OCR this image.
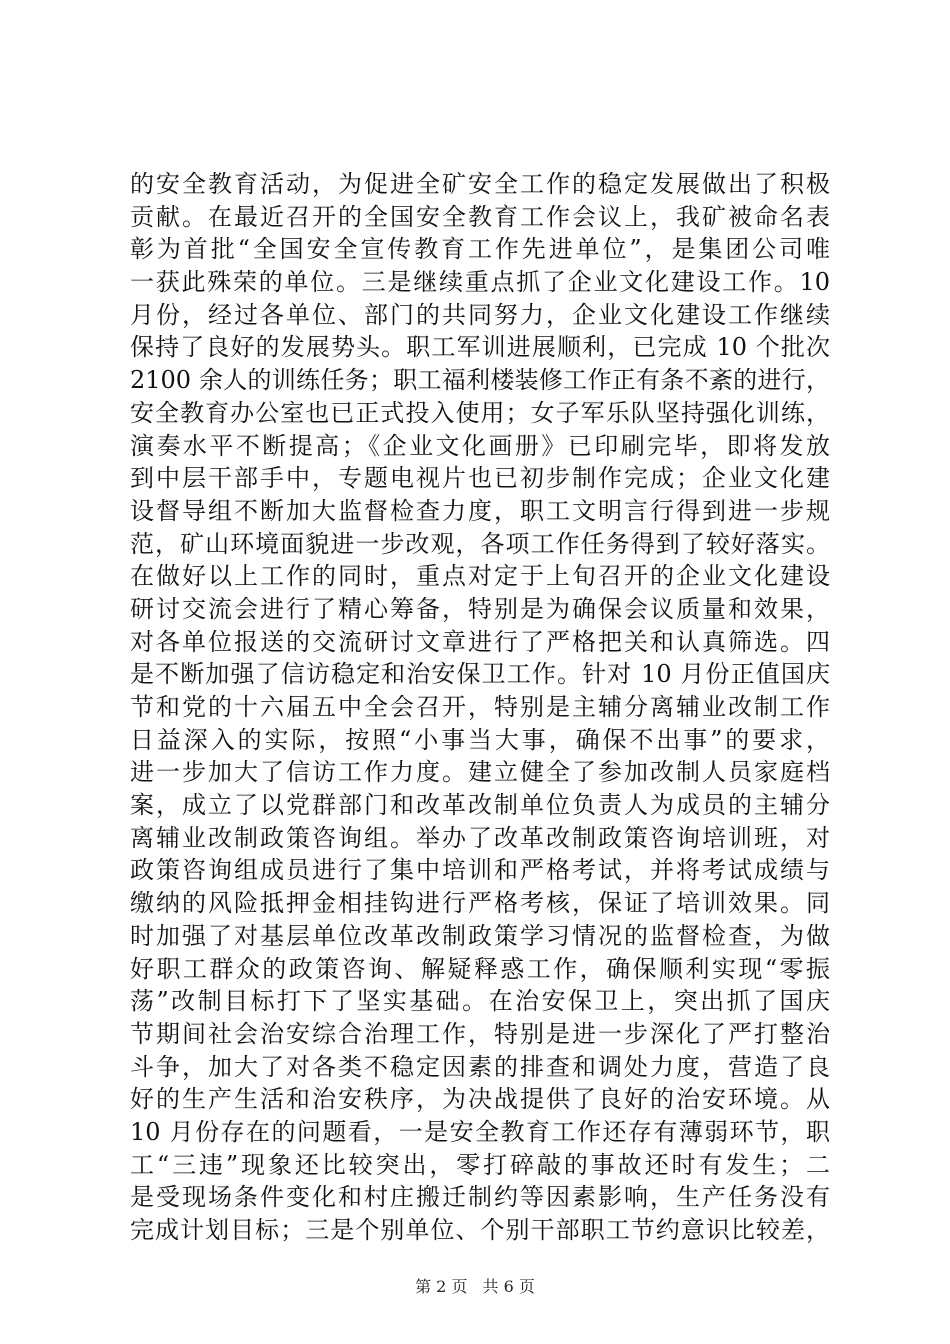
的安全教育活动，为促进全矿安全工作的稳定发展做出了积极
贡献。在最近召开的全国安全教育工作会议上，我矿被命名表
彰为首批“全国安全宣传教育工作先进单位”，是集团公司唯
一获此殊荣的单位。三是继续重点抓了企业文化建设工作。10
月份，经过各单位、部门的共同努力，企业文化建设工作继续
保持了良好的发展势头。职工军训进展顺利，已完成 10 个批次
2100 余人的训练任务；职工福利楼装修工作正有条不紊的进行，
安全教育办公室也已正式投入使用；女子军乐队坚持强化训练，
演奏水平不断提高；《企业文化画册》已印刷完毕，即将发放
到中层干部手中，专题电视片也已初步制作完成；企业文化建
设督导组不断加大监督检查力度，职工文明言行得到进一步规
范，矿山环境面貌进一步改观，各项工作任务得到了较好落实。
在做好以上工作的同时，重点对定于上旬召开的企业文化建设
研讨交流会进行了精心筹备，特别是为确保会议质量和效果，
对各单位报送的交流研讨文章进行了严格把关和认真筛选。四
是不断加强了信访稳定和治安保卫工作。针对 10 月份正值国庆
节和党的十六届五中全会召开，特别是主辅分离辅业改制工作
日益深入的实际，按照“小事当大事，确保不出事”的要求，
进一步加大了信访工作力度。建立健全了参加改制人员家庭档
案，成立了以党群部门和改革改制单位负责人为成员的主辅分
离辅业改制政策咨询组。举办了改革改制政策咨询培训班，对
政策咨询组成员进行了集中培训和严格考试，并将考试成绩与
缴纳的风险抵押金相挂钩进行严格考核，保证了培训效果。同
时加强了对基层单位改革改制政策学习情况的监督检查，为做
好职工群众的政策咨询、解疑释惑工作，确保顺利实现“零振
荡”改制目标打下了坚实基础。在治安保卫上，突出抓了国庆
节期间社会治安综合治理工作，特别是进一步深化了严打整治
斗争，加大了对各类不稳定因素的排查和调处力度，营造了良
好的生产生活和治安秩序，为决战提供了良好的治安环境。从
10 月份存在的问题看，一是安全教育工作还存有薄弱环节，职
工“三违”现象还比较突出，零打碎敲的事故还时有发生；二
是受现场条件变化和村庄搬迁制约等因素影响，生产任务没有
完成计划目标；三是个别单位、个别干部职工节约意识比较差，
第 2 页 共 6 页
